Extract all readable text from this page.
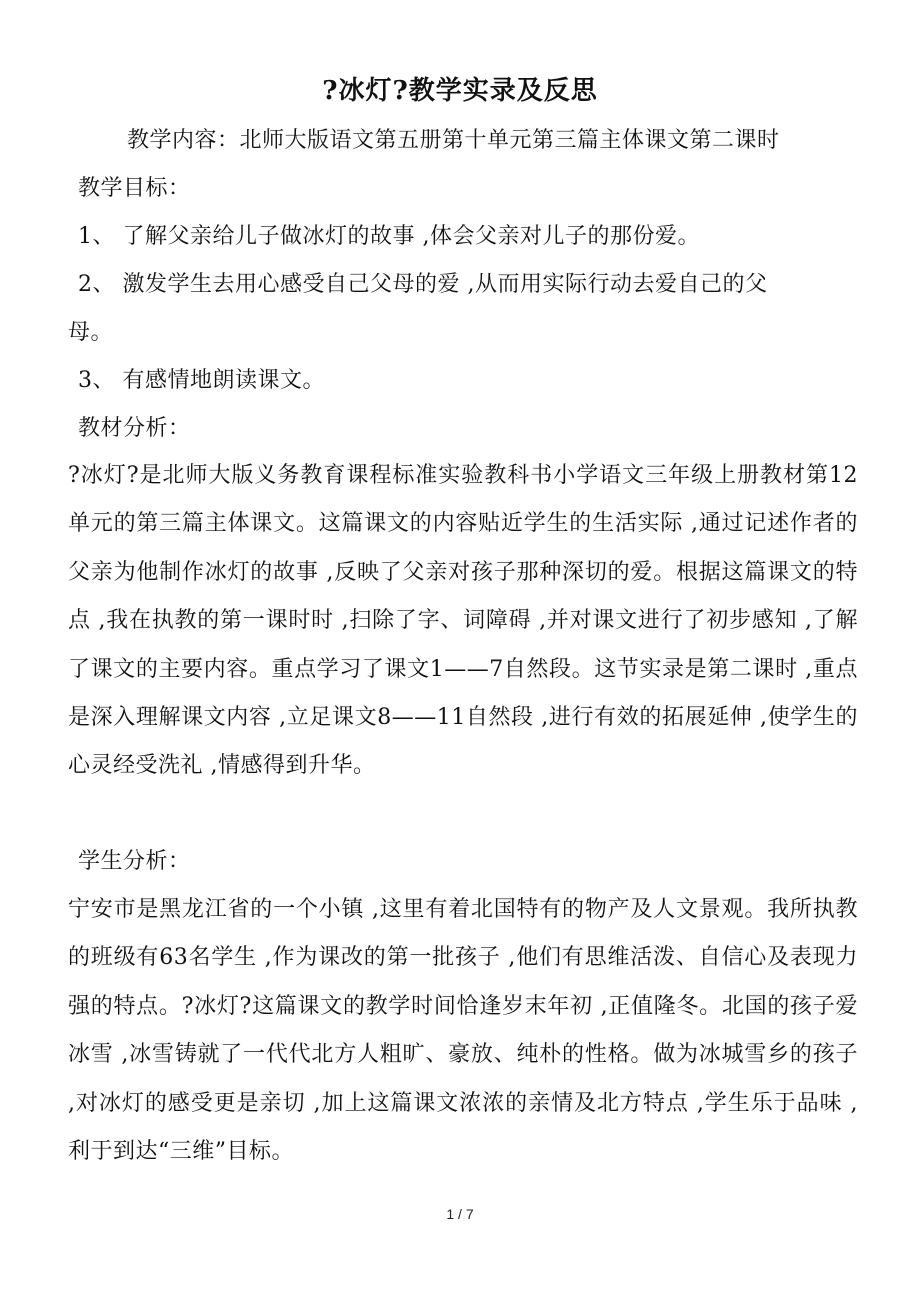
?冰灯?教学实录及反思
教学内容：北师大版语文第五册第十单元第三篇主体课文第二课时
教学目标：
1、 了解父亲给儿子做冰灯的故事 ,体会父亲对儿子的那份爱。
2、 激发学生去用心感受自己父母的爱 ,从而用实际行动去爱自己的父
母。
3、 有感情地朗读课文。
教材分析：
?冰灯?是北师大版义务教育课程标准实验教科书小学语文三年级上册教材第12单元的第三篇主体课文。这篇课文的内容贴近学生的生活实际 ,通过记述作者的父亲为他制作冰灯的故事 ,反映了父亲对孩子那种深切的爱。根据这篇课文的特点 ,我在执教的第一课时时 ,扫除了字、词障碍 ,并对课文进行了初步感知 ,了解了课文的主要内容。重点学习了课文1——7自然段。这节实录是第二课时 ,重点是深入理解课文内容 ,立足课文8——11自然段 ,进行有效的拓展延伸 ,使学生的心灵经受洗礼 ,情感得到升华。
学生分析：
宁安市是黑龙江省的一个小镇 ,这里有着北国特有的物产及人文景观。我所执教的班级有63名学生 ,作为课改的第一批孩子 ,他们有思维活泼、自信心及表现力强的特点。?冰灯?这篇课文的教学时间恰逢岁末年初 ,正值隆冬。北国的孩子爱冰雪 ,冰雪铸就了一代代北方人粗旷、豪放、纯朴的性格。做为冰城雪乡的孩子 ,对冰灯的感受更是亲切 ,加上这篇课文浓浓的亲情及北方特点 ,学生乐于品味 ,利于到达“三维”目标。
1 / 7
